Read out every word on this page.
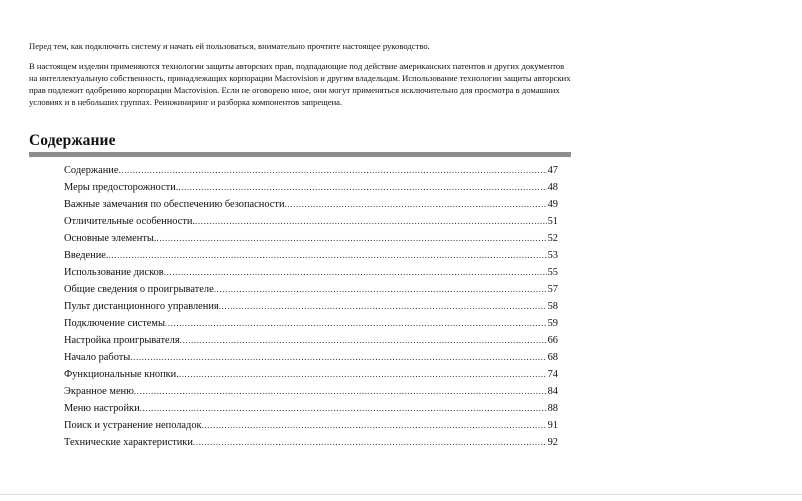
Перед тем, как подключить систему и начать ей пользоваться, внимательно прочтите настоящее руководство.

В настоящем изделии применяются технологии защиты авторских прав, подпадающие под действие американских патентов и других документов на интеллектуальную собственность, принадлежащих корпорации Macrovision и другим владельцам. Использование технологии защиты авторских прав подлежит одобрению корпорации Macrovision. Если не оговорено иное, они могут применяться исключительно для просмотра в домашних условиях и в небольших группах. Реинжиниринг и разборка компонентов запрещена.

Содержание
Содержание .....	47
Меры предосторожности. .....	48
Важные замечания по обеспечению безопасности .....	49
Отличительные особенности. .....	51
Основные элементы. .....	52
Введение. .....	53
Использование дисков .....	55
Общие сведения о проигрывателе .....	57
Пульт дистанционного управления .....	58
Подключение системы .....	59
Настройка проигрывателя .....	66
Начало работы .....	68
Функциональные кнопки. .....	74
Экранное меню .....	84
Меню настройки .....	88
Поиск и устранение неполадок .....	91
Технические характеристики .....	92
